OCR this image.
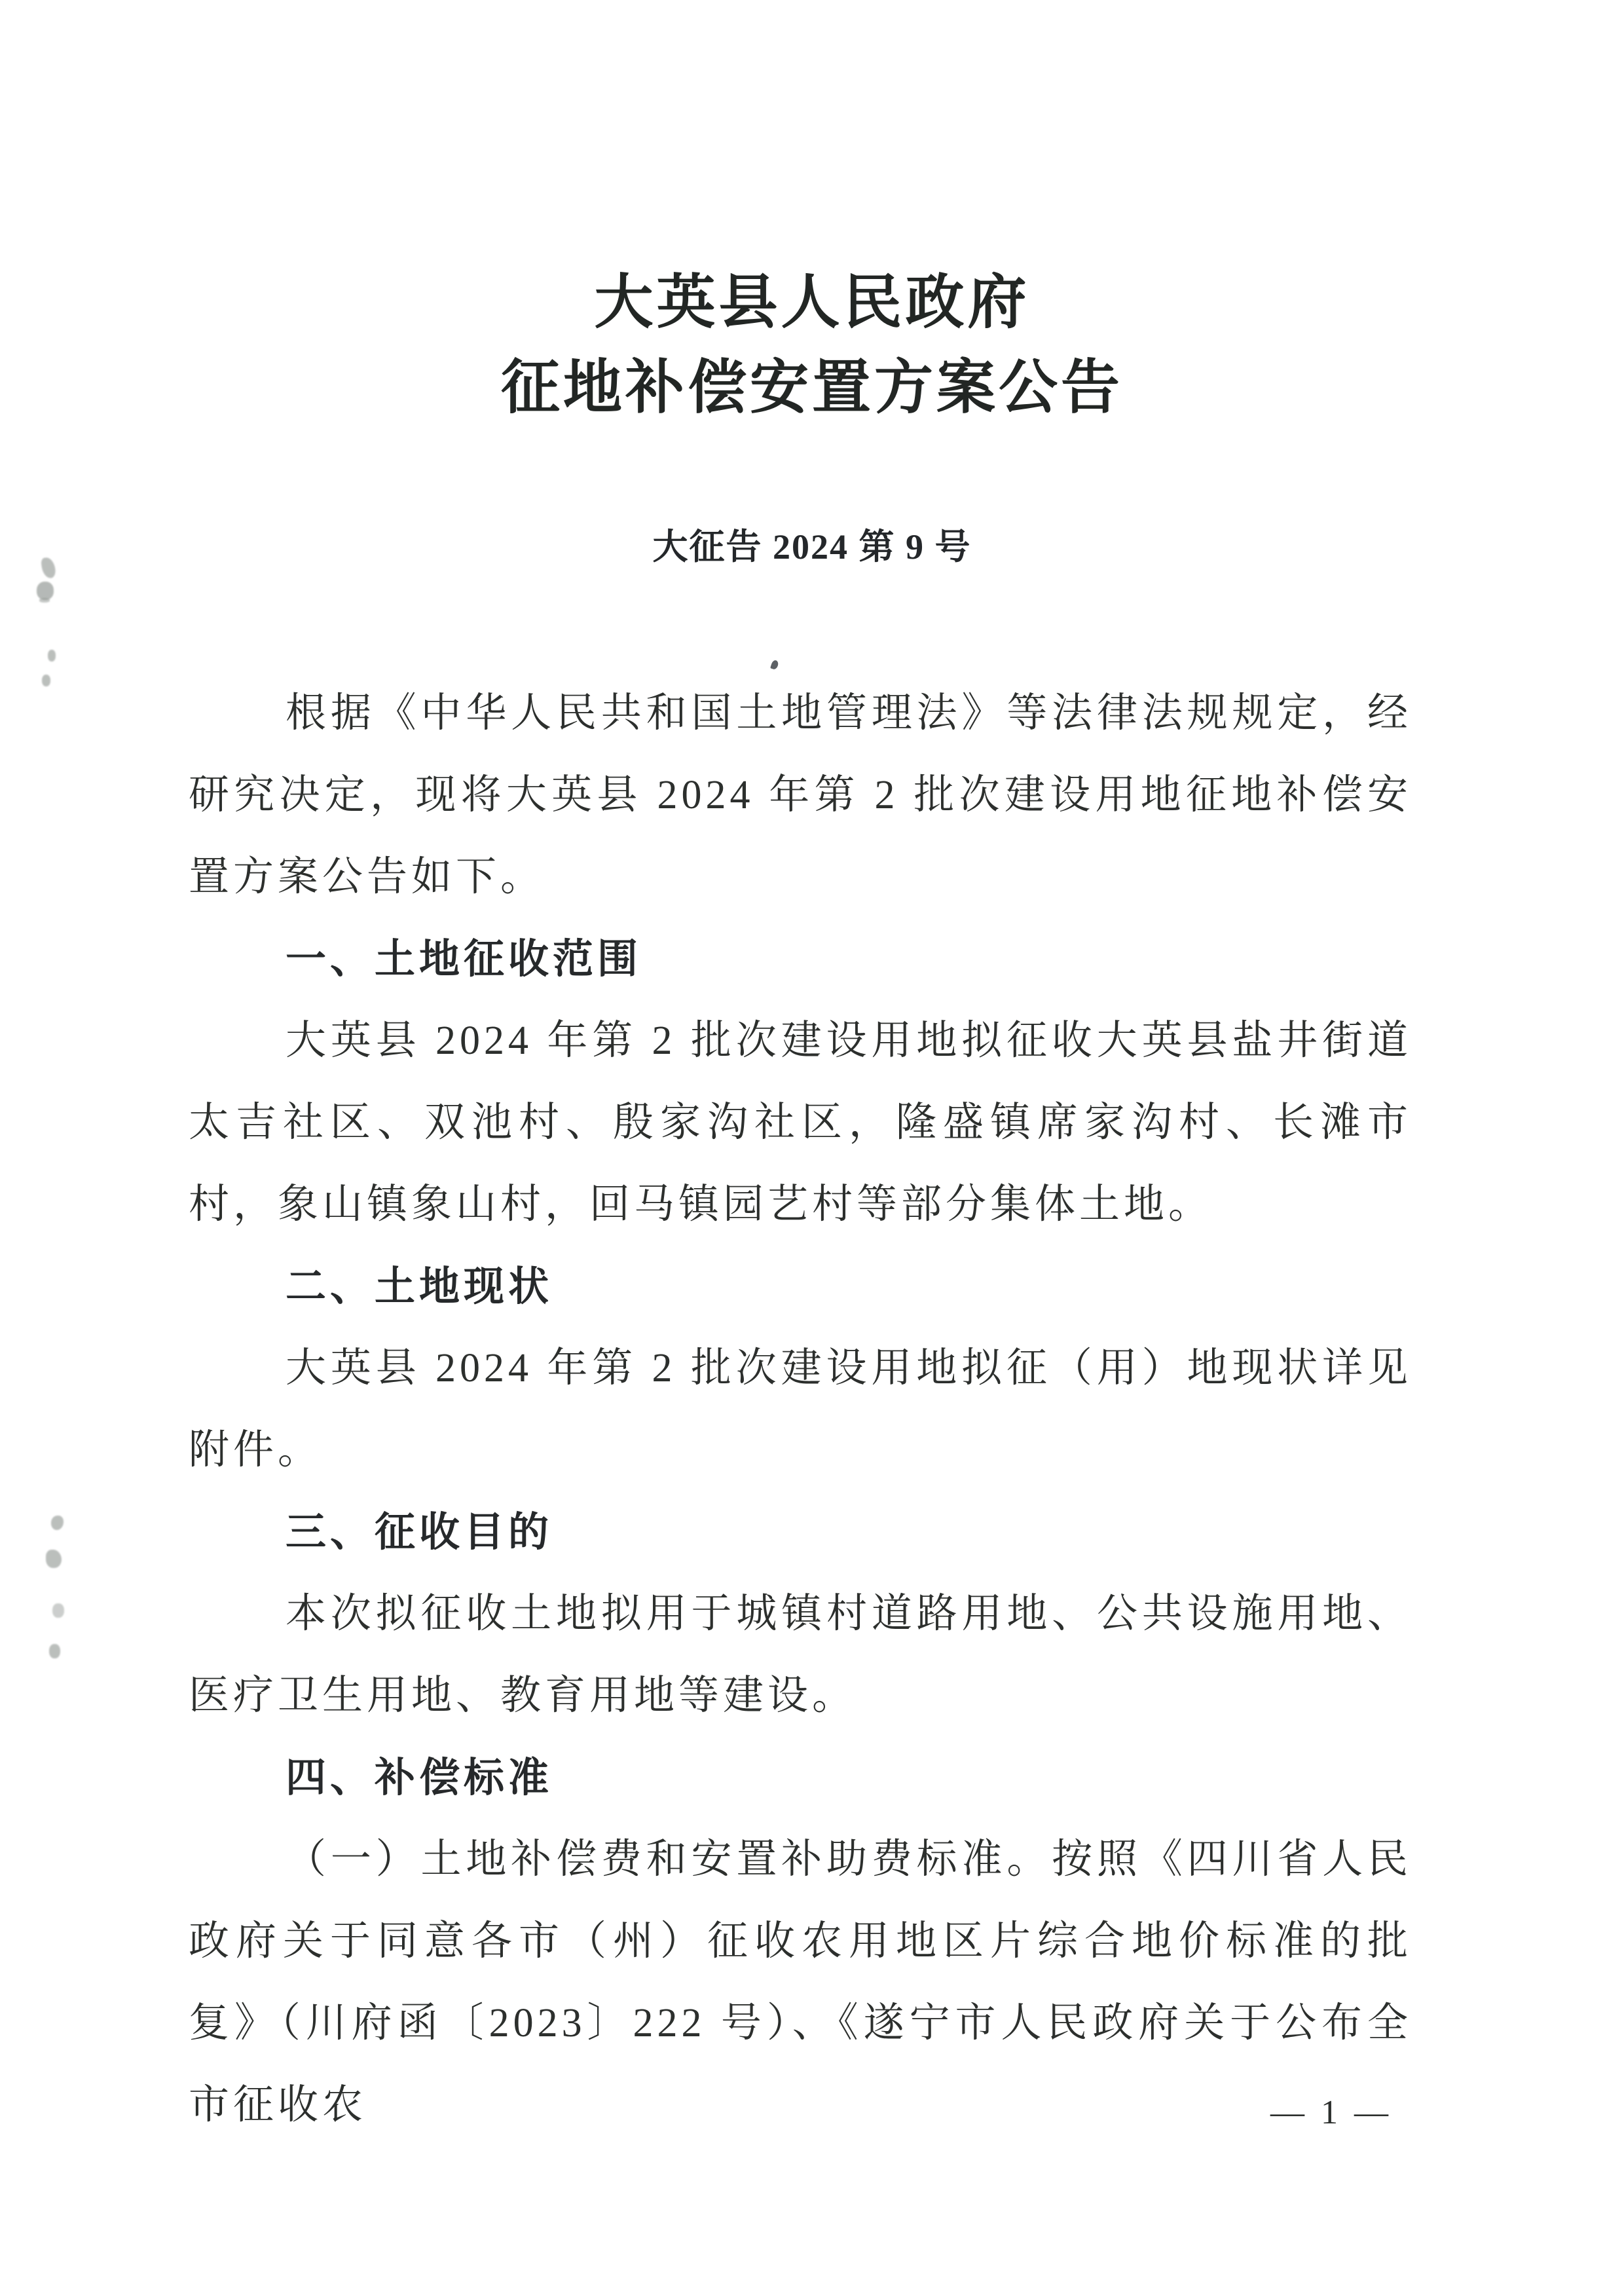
大英县人民政府
征地补偿安置方案公告
大征告 2024 第 9 号

根据《中华人民共和国土地管理法》等法律法规规定，经研究决定，现将大英县 2024 年第 2 批次建设用地征地补偿安置方案公告如下。

一、土地征收范围

大英县 2024 年第 2 批次建设用地拟征收大英县盐井街道太吉社区、双池村、殷家沟社区，隆盛镇席家沟村、长滩市村，象山镇象山村，回马镇园艺村等部分集体土地。

二、土地现状

大英县 2024 年第 2 批次建设用地拟征（用）地现状详见附件。

三、征收目的

本次拟征收土地拟用于城镇村道路用地、公共设施用地、医疗卫生用地、教育用地等建设。

四、补偿标准

（一）土地补偿费和安置补助费标准。按照《四川省人民政府关于同意各市（州）征收农用地区片综合地价标准的批复》（川府函〔2023〕222 号）、《遂宁市人民政府关于公布全市征收农	— 1 —
